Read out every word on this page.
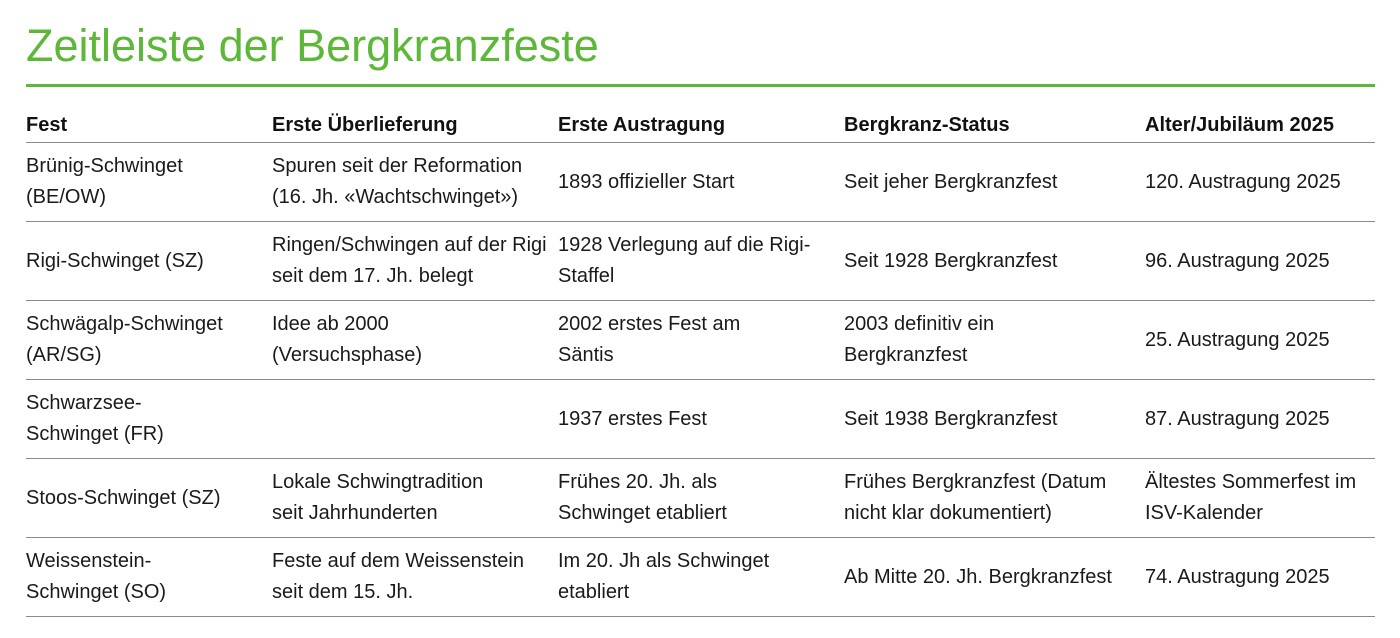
Zeitleiste der Bergkranzfeste
Fest	Erste Überlieferung	Erste Austragung	Bergkranz-Status	Alter/Jubiläum 2025
Brünig-Schwinget (BE/OW)	Spuren seit der Reformation (16. Jh. «Wachtschwinget»)	1893 offizieller Start	Seit jeher Bergkranzfest	120. Austragung 2025
Rigi-Schwinget (SZ)	Ringen/Schwingen auf der Rigi seit dem 17. Jh. belegt	1928 Verlegung auf die Rigi-Staffel	Seit 1928 Bergkranzfest	96. Austragung 2025
Schwägalp-Schwinget (AR/SG)	Idee ab 2000 (Versuchsphase)	2002 erstes Fest am Säntis	2003 definitiv ein Bergkranzfest	25. Austragung 2025
Schwarzsee-Schwinget (FR)		1937 erstes Fest	Seit 1938 Bergkranzfest	87. Austragung 2025
Stoos-Schwinget (SZ)	Lokale Schwingtradition seit Jahrhunderten	Frühes 20. Jh. als Schwinget etabliert	Frühes Bergkranzfest (Datum nicht klar dokumentiert)	Ältestes Sommerfest im ISV-Kalender
Weissenstein-Schwinget (SO)	Feste auf dem Weissenstein seit dem 15. Jh.	Im 20. Jh als Schwinget etabliert	Ab Mitte 20. Jh. Bergkranzfest	74. Austragung 2025
